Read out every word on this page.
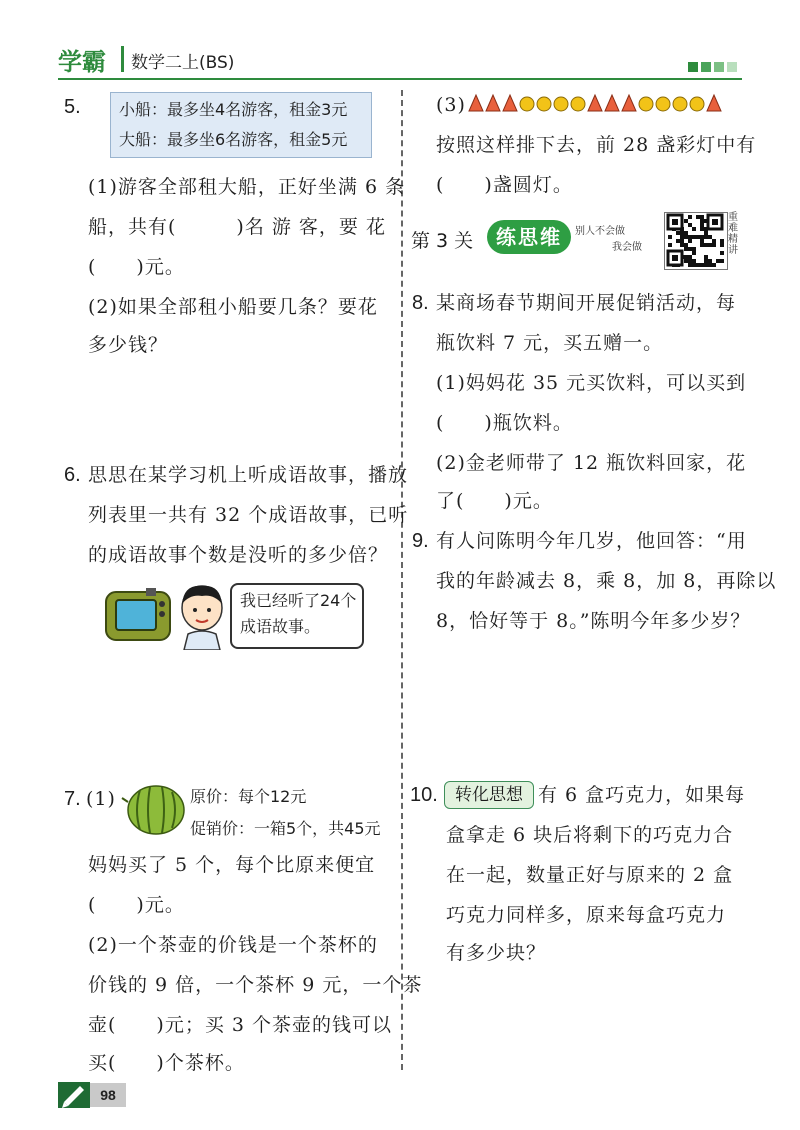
学霸 数学二上(BS)
5. 小船：最多坐4名游客，租金3元
大船：最多坐6名游客，租金5元
(1)游客全部租大船，正好坐满 6 条
船，共有(　　　)名 游 客，要 花
(　　)元。
(2)如果全部租小船要几条？要花
多少钱？
6. 思思在某学习机上听成语故事，播放
列表里一共有 32 个成语故事，已听
的成语故事个数是没听的多少倍？
我已经听了24个
成语故事。
7. (1)	原价：每个12元
促销价：一箱5个，共45元
妈妈买了 5 个，每个比原来便宜
(　　)元。
(2)一个茶壶的价钱是一个茶杯的
价钱的 9 倍，一个茶杯 9 元，一个茶
壶(　　)元；买 3 个茶壶的钱可以
买(　　)个茶杯。
(3)
按照这样排下去，前 28 盏彩灯中有
(　　)盏圆灯。
第 3 关	练思维	别人不会做
我会做
重难精讲
8. 某商场春节期间开展促销活动，每
瓶饮料 7 元，买五赠一。
(1)妈妈花 35 元买饮料，可以买到
(　　)瓶饮料。
(2)金老师带了 12 瓶饮料回家，花
了(　　)元。
9. 有人问陈明今年几岁，他回答：“用
我的年龄减去 8，乘 8，加 8，再除以
8，恰好等于 8。”陈明今年多少岁？
10.	转化思想 有 6 盒巧克力，如果每
盒拿走 6 块后将剩下的巧克力合
在一起，数量正好与原来的 2 盒
巧克力同样多，原来每盒巧克力
有多少块？
98
